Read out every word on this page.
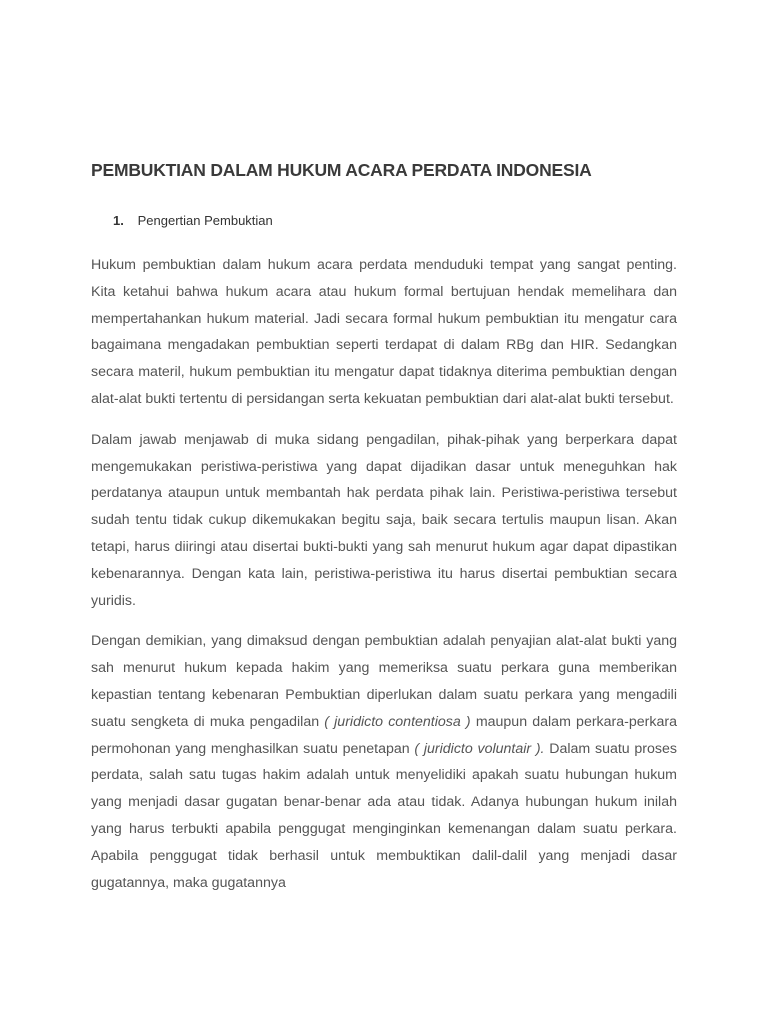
PEMBUKTIAN DALAM HUKUM ACARA PERDATA INDONESIA
1. Pengertian Pembuktian

Hukum pembuktian dalam hukum acara perdata menduduki tempat yang sangat penting. Kita ketahui bahwa hukum acara atau hukum formal bertujuan hendak memelihara dan mempertahankan hukum material. Jadi secara formal hukum pembuktian itu mengatur cara bagaimana mengadakan pembuktian seperti terdapat di dalam RBg dan HIR. Sedangkan secara materil, hukum pembuktian itu mengatur dapat tidaknya diterima pembuktian dengan alat-alat bukti tertentu di persidangan serta kekuatan pembuktian dari alat-alat bukti tersebut.

Dalam jawab menjawab di muka sidang pengadilan, pihak-pihak yang berperkara dapat mengemukakan peristiwa-peristiwa yang dapat dijadikan dasar untuk meneguhkan hak perdatanya ataupun untuk membantah hak perdata pihak lain. Peristiwa-peristiwa tersebut sudah tentu tidak cukup dikemukakan begitu saja, baik secara tertulis maupun lisan. Akan tetapi, harus diiringi atau disertai bukti-bukti yang sah menurut hukum agar dapat dipastikan kebenarannya. Dengan kata lain, peristiwa-peristiwa itu harus disertai pembuktian secara yuridis.

Dengan demikian, yang dimaksud dengan pembuktian adalah penyajian alat-alat bukti yang sah menurut hukum kepada hakim yang memeriksa suatu perkara guna memberikan kepastian tentang kebenaran Pembuktian diperlukan dalam suatu perkara yang mengadili suatu sengketa di muka pengadilan ( juridicto contentiosa ) maupun dalam perkara-perkara permohonan yang menghasilkan suatu penetapan ( juridicto voluntair ). Dalam suatu proses perdata, salah satu tugas hakim adalah untuk menyelidiki apakah suatu hubungan hukum yang menjadi dasar gugatan benar-benar ada atau tidak. Adanya hubungan hukum inilah yang harus terbukti apabila penggugat menginginkan kemenangan dalam suatu perkara. Apabila penggugat tidak berhasil untuk membuktikan dalil-dalil yang menjadi dasar gugatannya, maka gugatannya
